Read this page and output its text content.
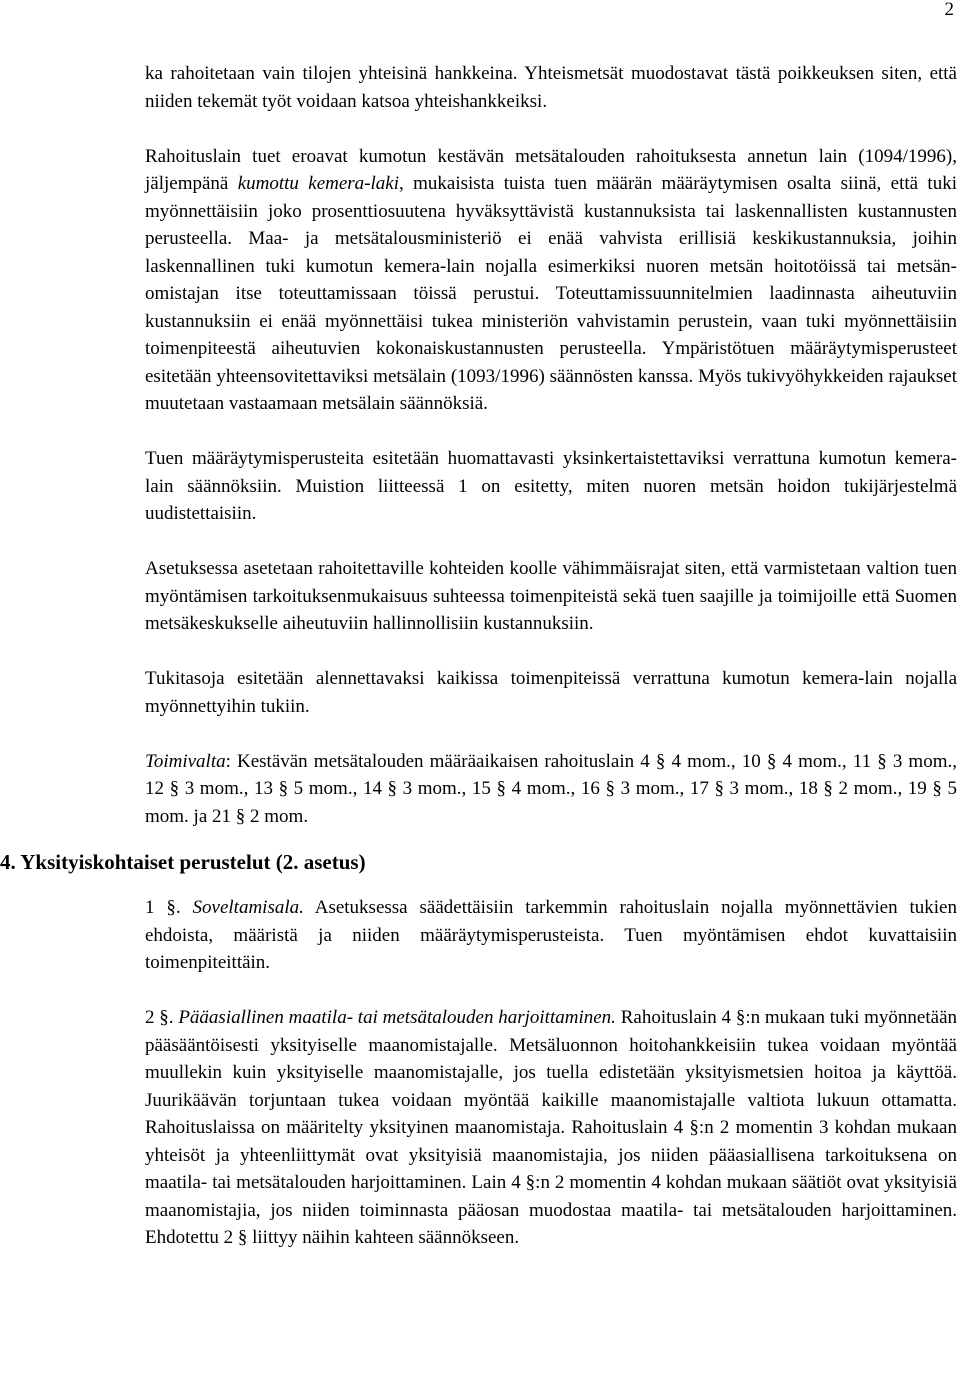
2

ka rahoitetaan vain tilojen yhteisinä hankkeina. Yhteismetsät muodostavat tästä poikkeuksen siten, että niiden tekemät työt voidaan katsoa yhteishankkeiksi.

Rahoituslain tuet eroavat kumotun kestävän metsätalouden rahoituksesta annetun lain (1094/1996), jäljempänä kumottu kemera-laki, mukaisista tuista tuen määrän määräytymisen osalta siinä, että tuki myönnettäisiin joko prosenttiosuutena hyväksyttävistä kustannuksista tai laskennallisten kustannusten perusteella. Maa- ja metsätalousministeriö ei enää vahvista erillisiä keskikustannuksia, joihin laskennallinen tuki kumotun kemera-lain nojalla esimerkiksi nuoren metsän hoitotöissä tai metsänomistajan itse toteuttamissaan töissä perustui. Toteuttamissuunnitelmien laadinnasta aiheutuviin kustannuksiin ei enää myönnettäisi tukea ministeriön vahvistamin perustein, vaan tuki myönnettäisiin toimenpiteestä aiheutuvien kokonaiskustannusten perusteella. Ympäristötuen määräytymisperusteet esitetään yhteensovitettaviksi metsälain (1093/1996) säännösten kanssa. Myös tukivyöhykkeiden rajaukset muutetaan vastaamaan metsälain säännöksiä.

Tuen määräytymisperusteita esitetään huomattavasti yksinkertaistettaviksi verrattuna kumotun kemera-lain säännöksiin. Muistion liitteessä 1 on esitetty, miten nuoren metsän hoidon tukijärjestelmä uudistettaisiin.

Asetuksessa asetetaan rahoitettaville kohteiden koolle vähimmäisrajat siten, että varmistetaan valtion tuen myöntämisen tarkoituksenmukaisuus suhteessa toimenpiteistä sekä tuen saajille ja toimijoille että Suomen metsäkeskukselle aiheutuviin hallinnollisiin kustannuksiin.

Tukitasoja esitetään alennettavaksi kaikissa toimenpiteissä verrattuna kumotun kemera-lain nojalla myönnettyihin tukiin.

Toimivalta: Kestävän metsätalouden määräaikaisen rahoituslain 4 § 4 mom., 10 § 4 mom., 11 § 3 mom., 12 § 3 mom., 13 § 5 mom., 14 § 3 mom., 15 § 4 mom., 16 § 3 mom., 17 § 3 mom., 18 § 2 mom., 19 § 5 mom. ja 21 § 2 mom.

4. Yksityiskohtaiset perustelut (2. asetus)

1 §. Soveltamisala. Asetuksessa säädettäisiin tarkemmin rahoituslain nojalla myönnettävien tukien ehdoista, määristä ja niiden määräytymisperusteista. Tuen myöntämisen ehdot kuvattaisiin toimenpiteittäin.

2 §. Pääasiallinen maatila- tai metsätalouden harjoittaminen. Rahoituslain 4 §:n mukaan tuki myönnetään pääsääntöisesti yksityiselle maanomistajalle. Metsäluonnon hoitohankkeisiin tukea voidaan myöntää muullekin kuin yksityiselle maanomistajalle, jos tuella edistetään yksityismetsien hoitoa ja käyttöä. Juurikäävän torjuntaan tukea voidaan myöntää kaikille maanomistajalle valtiota lukuun ottamatta. Rahoituslaissa on määritelty yksityinen maanomistaja. Rahoituslain 4 §:n 2 momentin 3 kohdan mukaan yhteisöt ja yhteenliittymät ovat yksityisiä maanomistajia, jos niiden pääasiallisena tarkoituksena on maatila- tai metsätalouden harjoittaminen. Lain 4 §:n 2 momentin 4 kohdan mukaan säätiöt ovat yksityisiä maanomistajia, jos niiden toiminnasta pääosan muodostaa maatila- tai metsätalouden harjoittaminen. Ehdotettu 2 § liittyy näihin kahteen säännökseen.
